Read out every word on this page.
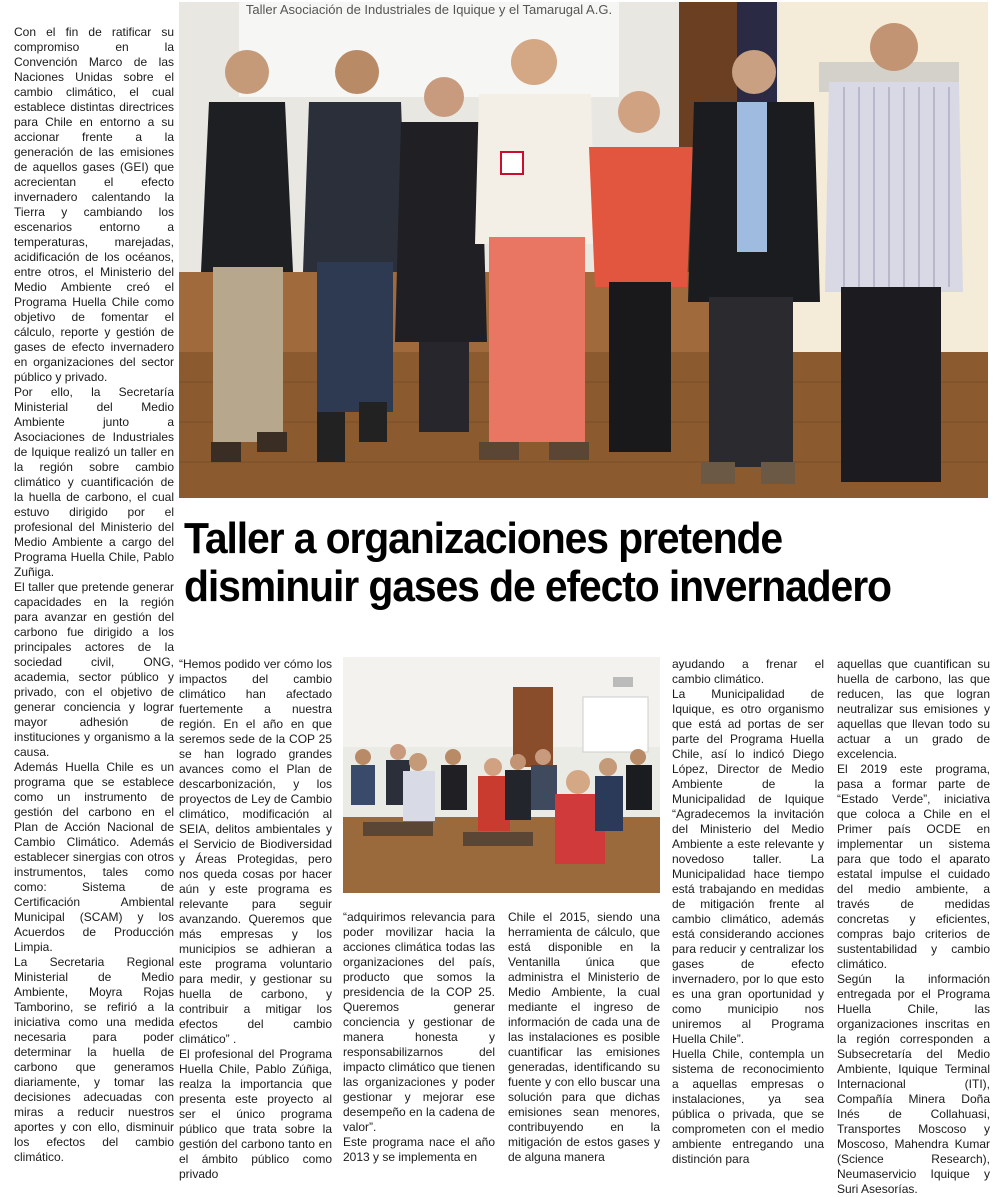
Con el fin de ratificar su compromiso en la Convención Marco de las Naciones Unidas sobre el cambio climático, el cual establece distintas directrices para Chile en entorno a su accionar frente a la generación de las emisiones de aquellos gases (GEI) que acrecientan el efecto invernadero calentando la Tierra y cambiando los escenarios entorno a temperaturas, marejadas, acidificación de los océanos, entre otros, el Ministerio del Medio Ambiente creó el Programa Huella Chile como objetivo de fomentar el cálculo, reporte y gestión de gases de efecto invernadero en organizaciones del sector público y privado.

Por ello, la Secretaría Ministerial del Medio Ambiente junto a Asociaciones de Industriales de Iquique realizó un taller en la región sobre cambio climático y cuantificación de la huella de carbono, el cual estuvo dirigido por el profesional del Ministerio del Medio Ambiente a cargo del Programa Huella Chile, Pablo Zuñiga.

El taller que pretende generar capacidades en la región para avanzar en gestión del carbono fue dirigido a los principales actores de la sociedad civil, ONG, academia, sector público y privado, con el objetivo de generar conciencia y lograr mayor adhesión de instituciones y organismo a la causa.

Además Huella Chile es un programa que se establece como un instrumento de gestión del carbono en el Plan de Acción Nacional de Cambio Climático. Además establecer sinergias con otros instrumentos, tales como como: Sistema de Certificación Ambiental Municipal (SCAM) y los Acuerdos de Producción Limpia.

La Secretaria Regional Ministerial de Medio Ambiente, Moyra Rojas Tamborino, se refirió a la iniciativa como una medida necesaria para poder determinar la huella de carbono que generamos diariamente, y tomar las decisiones adecuadas con miras a reducir nuestros aportes y con ello, disminuir los efectos del cambio climático.

Taller Asociación de Industriales de Iquique y el Tamarugal A.G.
Taller a organizaciones pretende
disminuir gases de efecto invernadero

“Hemos podido ver cómo los impactos del cambio climático han afectado fuertemente a nuestra región. En el año en que seremos sede de la COP 25 se han logrado grandes avances como el Plan de descarbonización, y los proyectos de Ley de Cambio climático, modificación al SEIA, delitos ambientales y el Servicio de Biodiversidad y Áreas Protegidas, pero nos queda cosas por hacer aún y este programa es relevante para seguir avanzando. Queremos que más empresas y los municipios se adhieran a este programa voluntario para medir, y gestionar su huella de carbono, y contribuir a mitigar los efectos del cambio climático” .

El profesional del Programa Huella Chile, Pablo Zúñiga, realza la importancia que presenta este proyecto al ser el único programa público que trata sobre la gestión del carbono tanto en el ámbito público como privado

“adquirimos relevancia para poder movilizar hacia la acciones climática todas las organizaciones del país, producto que somos la presidencia de la COP 25. Queremos generar conciencia y gestionar de manera honesta y responsabilizarnos del impacto climático que tienen las organizaciones y poder gestionar y mejorar ese desempeño en la cadena de valor”.

Este programa nace el año 2013 y se implementa en

Chile el 2015, siendo una herramienta de cálculo, que está disponible en la Ventanilla única que administra el Ministerio de Medio Ambiente, la cual mediante el ingreso de información de cada una de las instalaciones es posible cuantificar las emisiones generadas, identificando su fuente y con ello buscar una solución para que dichas emisiones sean menores, contribuyendo en la mitigación de estos gases y de alguna manera

ayudando a frenar el cambio climático.

La Municipalidad de Iquique, es otro organismo que está ad portas de ser parte del Programa Huella Chile, así lo indicó Diego López, Director de Medio Ambiente de la Municipalidad de Iquique “Agradecemos la invitación del Ministerio del Medio Ambiente a este relevante y novedoso taller. La Municipalidad hace tiempo está trabajando en medidas de mitigación frente al cambio climático, además está considerando acciones para reducir y centralizar los gases de efecto invernadero, por lo que esto es una gran oportunidad y como municipio nos uniremos al Programa Huella Chile”.

Huella Chile, contempla un sistema de reconocimiento a aquellas empresas o instalaciones, ya sea pública o privada, que se comprometen con el medio ambiente entregando una distinción para

aquellas que cuantifican su huella de carbono, las que reducen, las que logran neutralizar sus emisiones y aquellas que llevan todo su actuar a un grado de excelencia.

El 2019 este programa, pasa a formar parte de “Estado Verde”, iniciativa que coloca a Chile en el Primer país OCDE en implementar un sistema para que todo el aparato estatal impulse el cuidado del medio ambiente, a través de medidas concretas y eficientes, compras bajo criterios de sustentabilidad y cambio climático.

Según la información entregada por el Programa Huella Chile, las organizaciones inscritas en la región corresponden a Subsecretaría del Medio Ambiente, Iquique Terminal Internacional (ITI), Compañía Minera Doña Inés de Collahuasi, Transportes Moscoso y Moscoso, Mahendra Kumar (Science Research), Neumaservicio Iquique y Suri Asesorías.
